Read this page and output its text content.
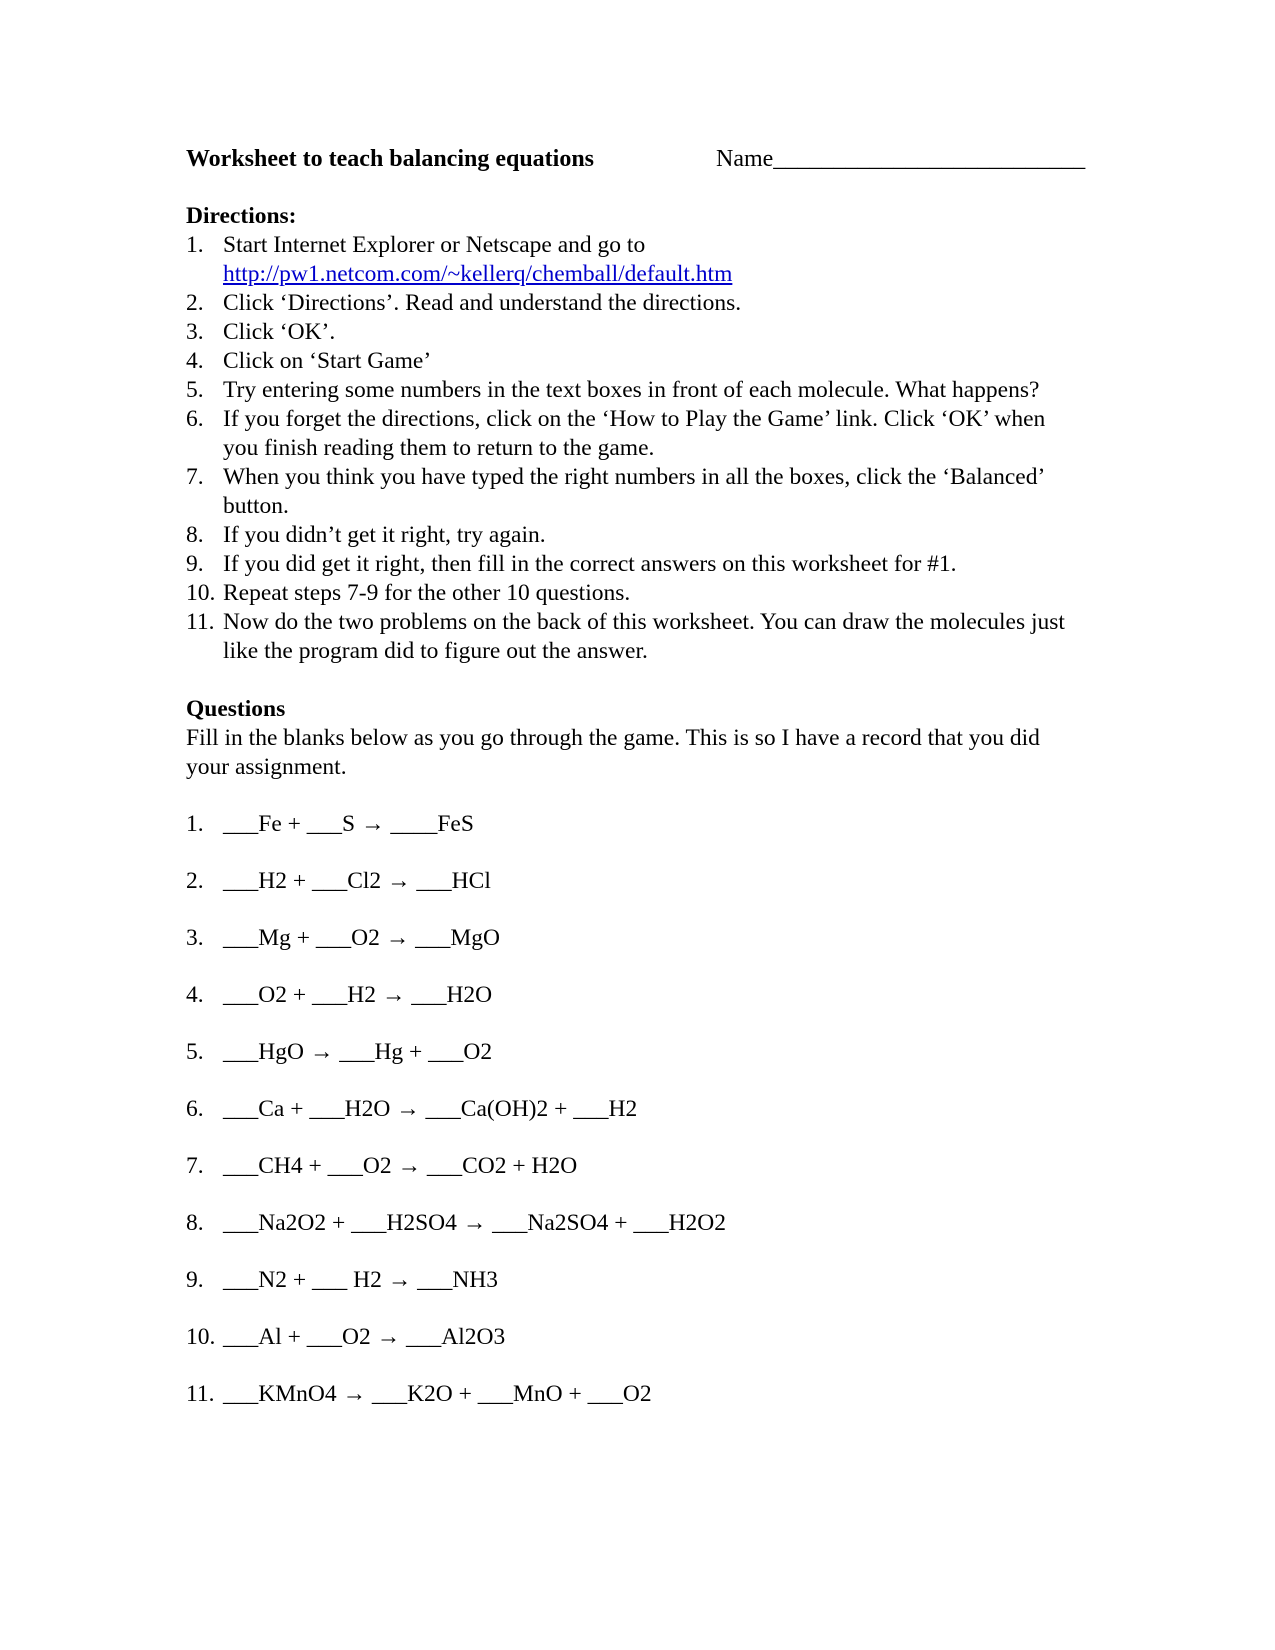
Worksheet to teach balancing equations	Name__________________________
Directions:
1. Start Internet Explorer or Netscape and go to
http://pw1.netcom.com/~kellerq/chemball/default.htm
2. Click ‘Directions’. Read and understand the directions.
3. Click ‘OK’.
4. Click on ‘Start Game’
5. Try entering some numbers in the text boxes in front of each molecule. What happens?
6. If you forget the directions, click on the ‘How to Play the Game’ link. Click ‘OK’ when you finish reading them to return to the game.
7. When you think you have typed the right numbers in all the boxes, click the ‘Balanced’ button.
8. If you didn’t get it right, try again.
9. If you did get it right, then fill in the correct answers on this worksheet for #1.
10. Repeat steps 7-9 for the other 10 questions.
11. Now do the two problems on the back of this worksheet. You can draw the molecules just like the program did to figure out the answer.
Questions
Fill in the blanks below as you go through the game. This is so I have a record that you did your assignment.
1. ___Fe + ___S → ____FeS
2. ___H2 + ___Cl2 → ___HCl
3. ___Mg + ___O2 → ___MgO
4. ___O2 + ___H2 → ___H2O
5. ___HgO → ___Hg + ___O2
6. ___Ca + ___H2O → ___Ca(OH)2 + ___H2
7. ___CH4 + ___O2 → ___CO2 + H2O
8. ___Na2O2 + ___H2SO4 → ___Na2SO4 + ___H2O2
9. ___N2 + ___ H2 → ___NH3
10. ___Al + ___O2 → ___Al2O3
11. ___KMnO4 → ___K2O + ___MnO + ___O2
